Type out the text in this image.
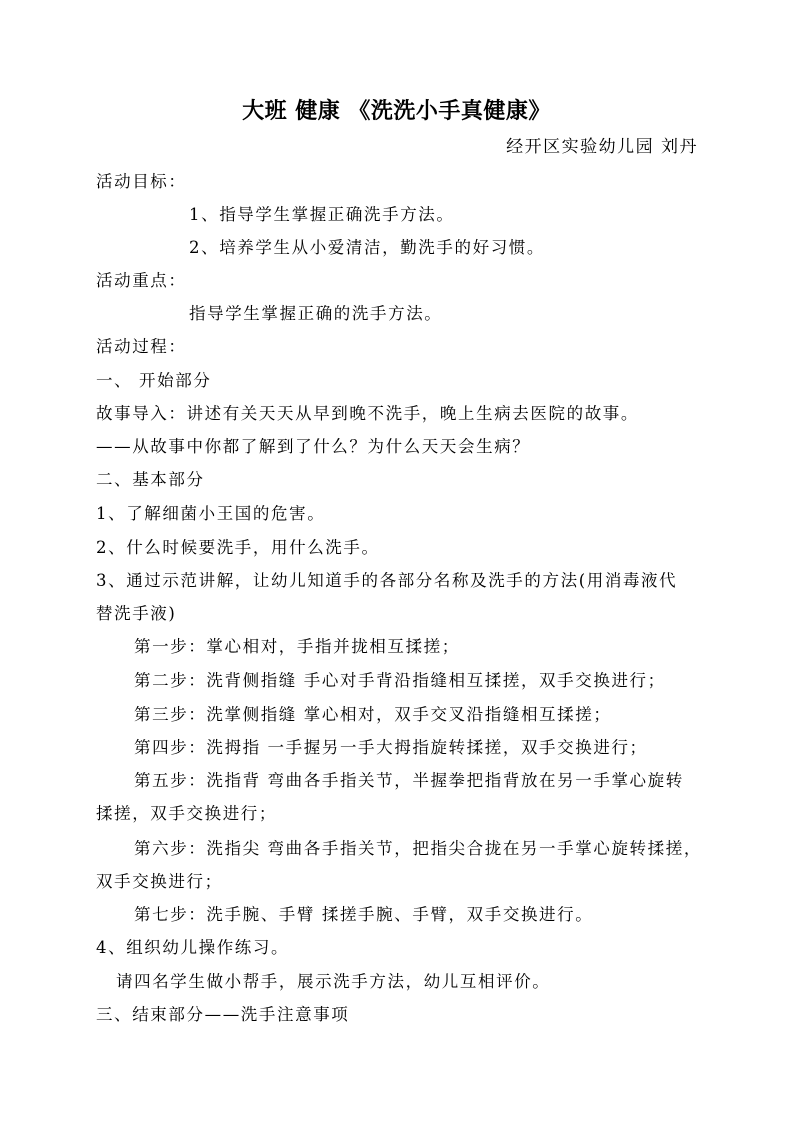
大班 健康 《洗洗小手真健康》
经开区实验幼儿园 刘丹
活动目标：
1、指导学生掌握正确洗手方法。
2、培养学生从小爱清洁，勤洗手的好习惯。
活动重点：
指导学生掌握正确的洗手方法。
活动过程：
一、 开始部分
故事导入：讲述有关天天从早到晚不洗手，晚上生病去医院的故事。
——从故事中你都了解到了什么？为什么天天会生病？
二、基本部分
1、了解细菌小王国的危害。
2、什么时候要洗手，用什么洗手。
3、通过示范讲解，让幼儿知道手的各部分名称及洗手的方法(用消毒液代
替洗手液)
第一步：掌心相对，手指并拢相互揉搓；
第二步：洗背侧指缝 手心对手背沿指缝相互揉搓，双手交换进行；
第三步：洗掌侧指缝 掌心相对，双手交叉沿指缝相互揉搓；
第四步：洗拇指 一手握另一手大拇指旋转揉搓，双手交换进行；
第五步：洗指背 弯曲各手指关节，半握拳把指背放在另一手掌心旋转
揉搓，双手交换进行；
第六步：洗指尖 弯曲各手指关节，把指尖合拢在另一手掌心旋转揉搓，
双手交换进行；
第七步：洗手腕、手臂 揉搓手腕、手臂，双手交换进行。
4、组织幼儿操作练习。
请四名学生做小帮手，展示洗手方法，幼儿互相评价。
三、结束部分——洗手注意事项
